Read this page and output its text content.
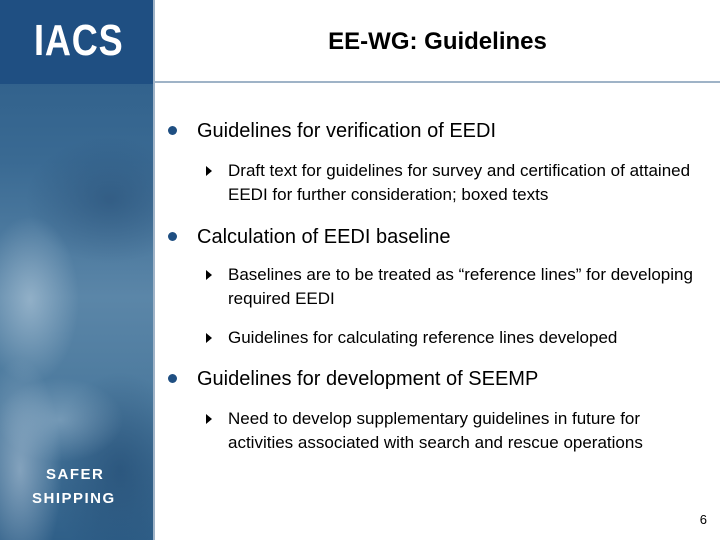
IACS
SAFER
SHIPPING
EE-WG: Guidelines
Guidelines for verification of EEDI
Draft text for guidelines for survey and certification of attained EEDI for further consideration; boxed texts
Calculation of EEDI baseline
Baselines are to be treated as “reference lines” for developing required EEDI
Guidelines for calculating reference lines developed
Guidelines for development of SEEMP
Need to develop supplementary guidelines in future for activities associated with search and rescue operations
6
